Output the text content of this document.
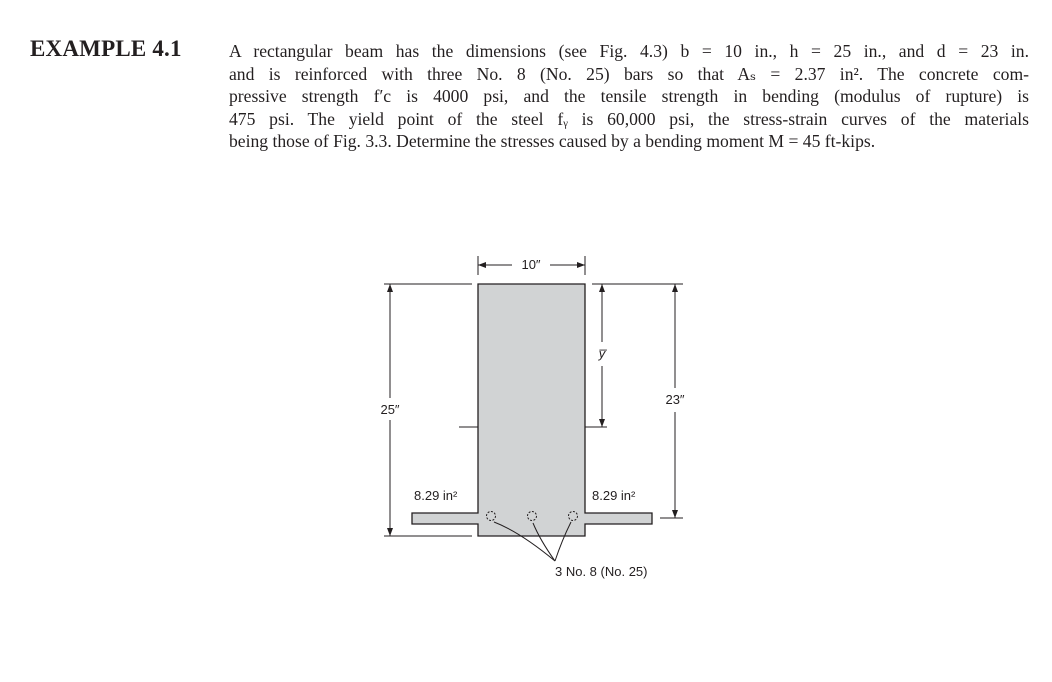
EXAMPLE 4.1	A rectangular beam has the dimensions (see Fig. 4.3) b = 10 in., h = 25 in., and d = 23 in.
and is reinforced with three No. 8 (No. 25) bars so that Aₛ = 2.37 in². The concrete com-
pressive strength f′c is 4000 psi, and the tensile strength in bending (modulus of rupture) is
475 psi. The yield point of the steel fᵧ is 60,000 psi, the stress-strain curves of the materials
being those of Fig. 3.3. Determine the stresses caused by a bending moment M = 45 ft-kips.
10″
25″
y̅
23″
8.29 in²	8.29 in²
3 No. 8 (No. 25)
